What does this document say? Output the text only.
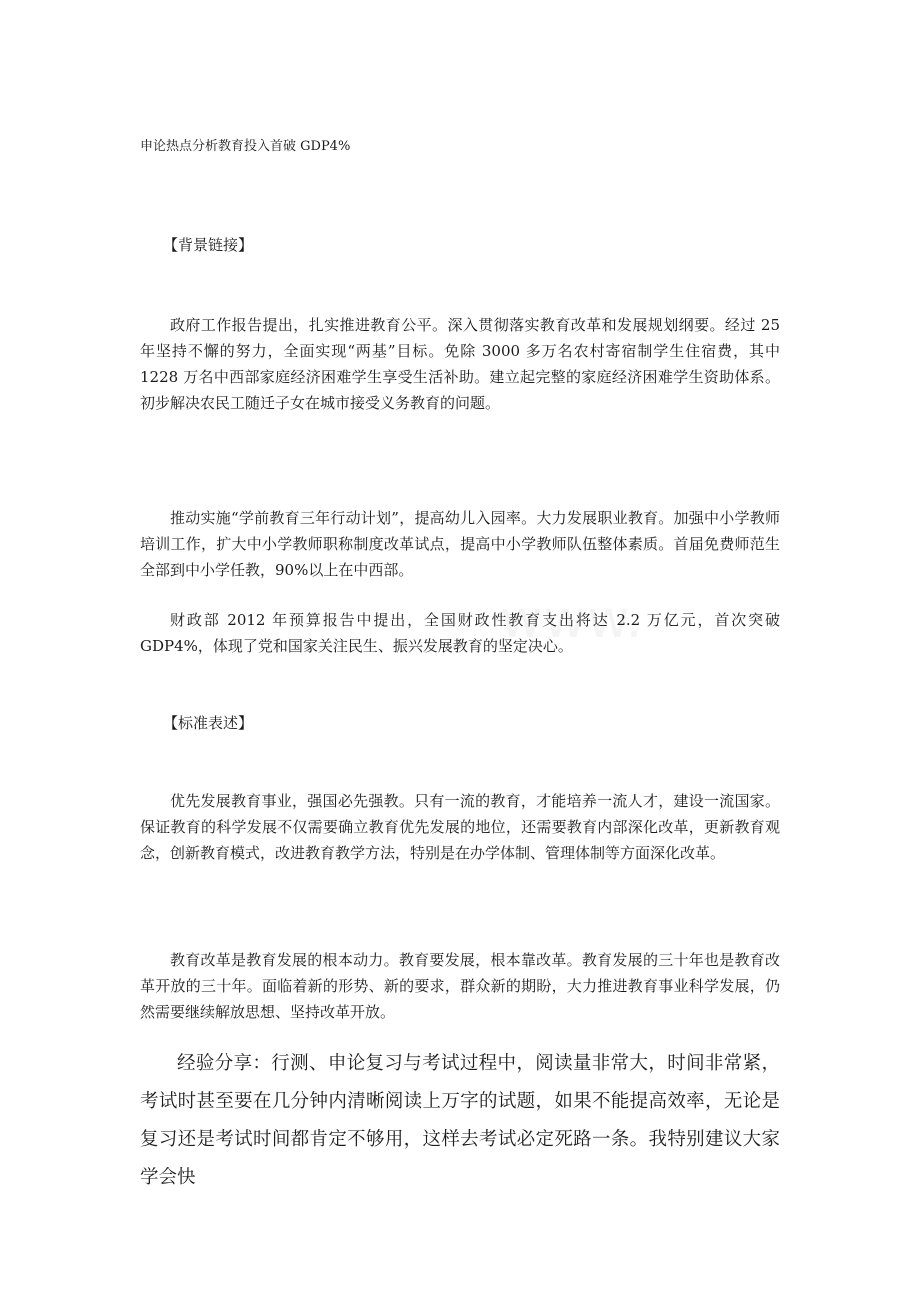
申论热点分析教育投入首破 GDP4%
【背景链接】

政府工作报告提出，扎实推进教育公平。深入贯彻落实教育改革和发展规划纲要。经过 25 年坚持不懈的努力，全面实现“两基”目标。免除 3000 多万名农村寄宿制学生住宿费，其中 1228 万名中西部家庭经济困难学生享受生活补助。建立起完整的家庭经济困难学生资助体系。初步解决农民工随迁子女在城市接受义务教育的问题。

推动实施“学前教育三年行动计划”，提高幼儿入园率。大力发展职业教育。加强中小学教师培训工作，扩大中小学教师职称制度改革试点，提高中小学教师队伍整体素质。首届免费师范生全部到中小学任教，90%以上在中西部。

财政部 2012 年预算报告中提出，全国财政性教育支出将达 2.2 万亿元，首次突破 GDP4%，体现了党和国家关注民生、振兴发展教育的坚定决心。

【标准表述】

优先发展教育事业，强国必先强教。只有一流的教育，才能培养一流人才，建设一流国家。保证教育的科学发展不仅需要确立教育优先发展的地位，还需要教育内部深化改革，更新教育观念，创新教育模式，改进教育教学方法，特别是在办学体制、管理体制等方面深化改革。

教育改革是教育发展的根本动力。教育要发展，根本靠改革。教育发展的三十年也是教育改革开放的三十年。面临着新的形势、新的要求，群众新的期盼，大力推进教育事业科学发展，仍然需要继续解放思想、坚持改革开放。

经验分享：行测、申论复习与考试过程中，阅读量非常大，时间非常紧，考试时甚至要在几分钟内清晰阅读上万字的试题，如果不能提高效率，无论是复习还是考试时间都肯定不够用，这样去考试必定死路一条。我特别建议大家学会快
